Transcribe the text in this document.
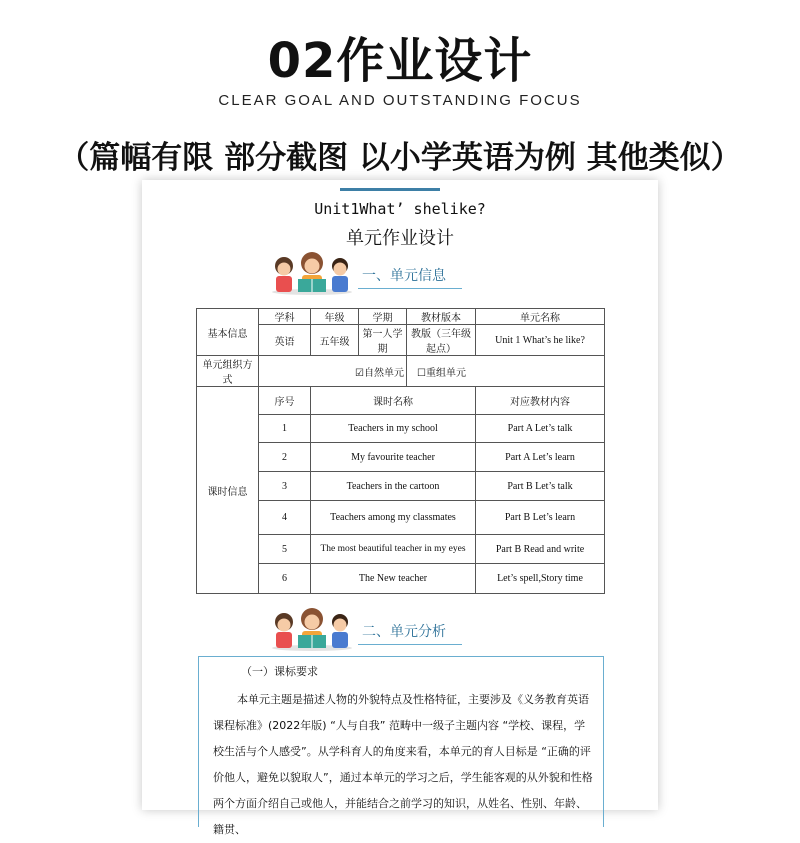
02作业设计
CLEAR GOAL AND OUTSTANDING FOCUS
（篇幅有限 部分截图 以小学英语为例 其他类似）
Unit1What’ shelike?
单元作业设计
一、单元信息
基本信息	学科	年级	学期	教材版本	单元名称
	英语	五年级	第一人学期	教版（三年级起点）	Unit 1 What’s he like?
单元组织方式	☑自然单元			☐重组单元	
课时信息	序号	课时名称			对应教材内容
	1	Teachers in my school			Part A Let’s talk
	2	My favourite teacher			Part A Let’s learn
	3	Teachers in the cartoon			Part B Let’s talk
	4	Teachers among my classmates			Part B Let’s learn
	5	The most beautiful teacher in my eyes			Part B Read and write
	6	The New teacher			Let’s spell,Story time
二、单元分析
（一）课标要求
本单元主题是描述人物的外貌特点及性格特征，主要涉及《义务教育英语课程标准》(2022年版) “人与自我” 范畴中一级子主题内容 “学校、课程，学校生活与个人感受”。从学科育人的角度来看，本单元的育人目标是 “正确的评价他人，避免以貌取人”，通过本单元的学习之后，学生能客观的从外貌和性格两个方面介绍自己或他人，并能结合之前学习的知识，从姓名、性别、年龄、籍贯、
